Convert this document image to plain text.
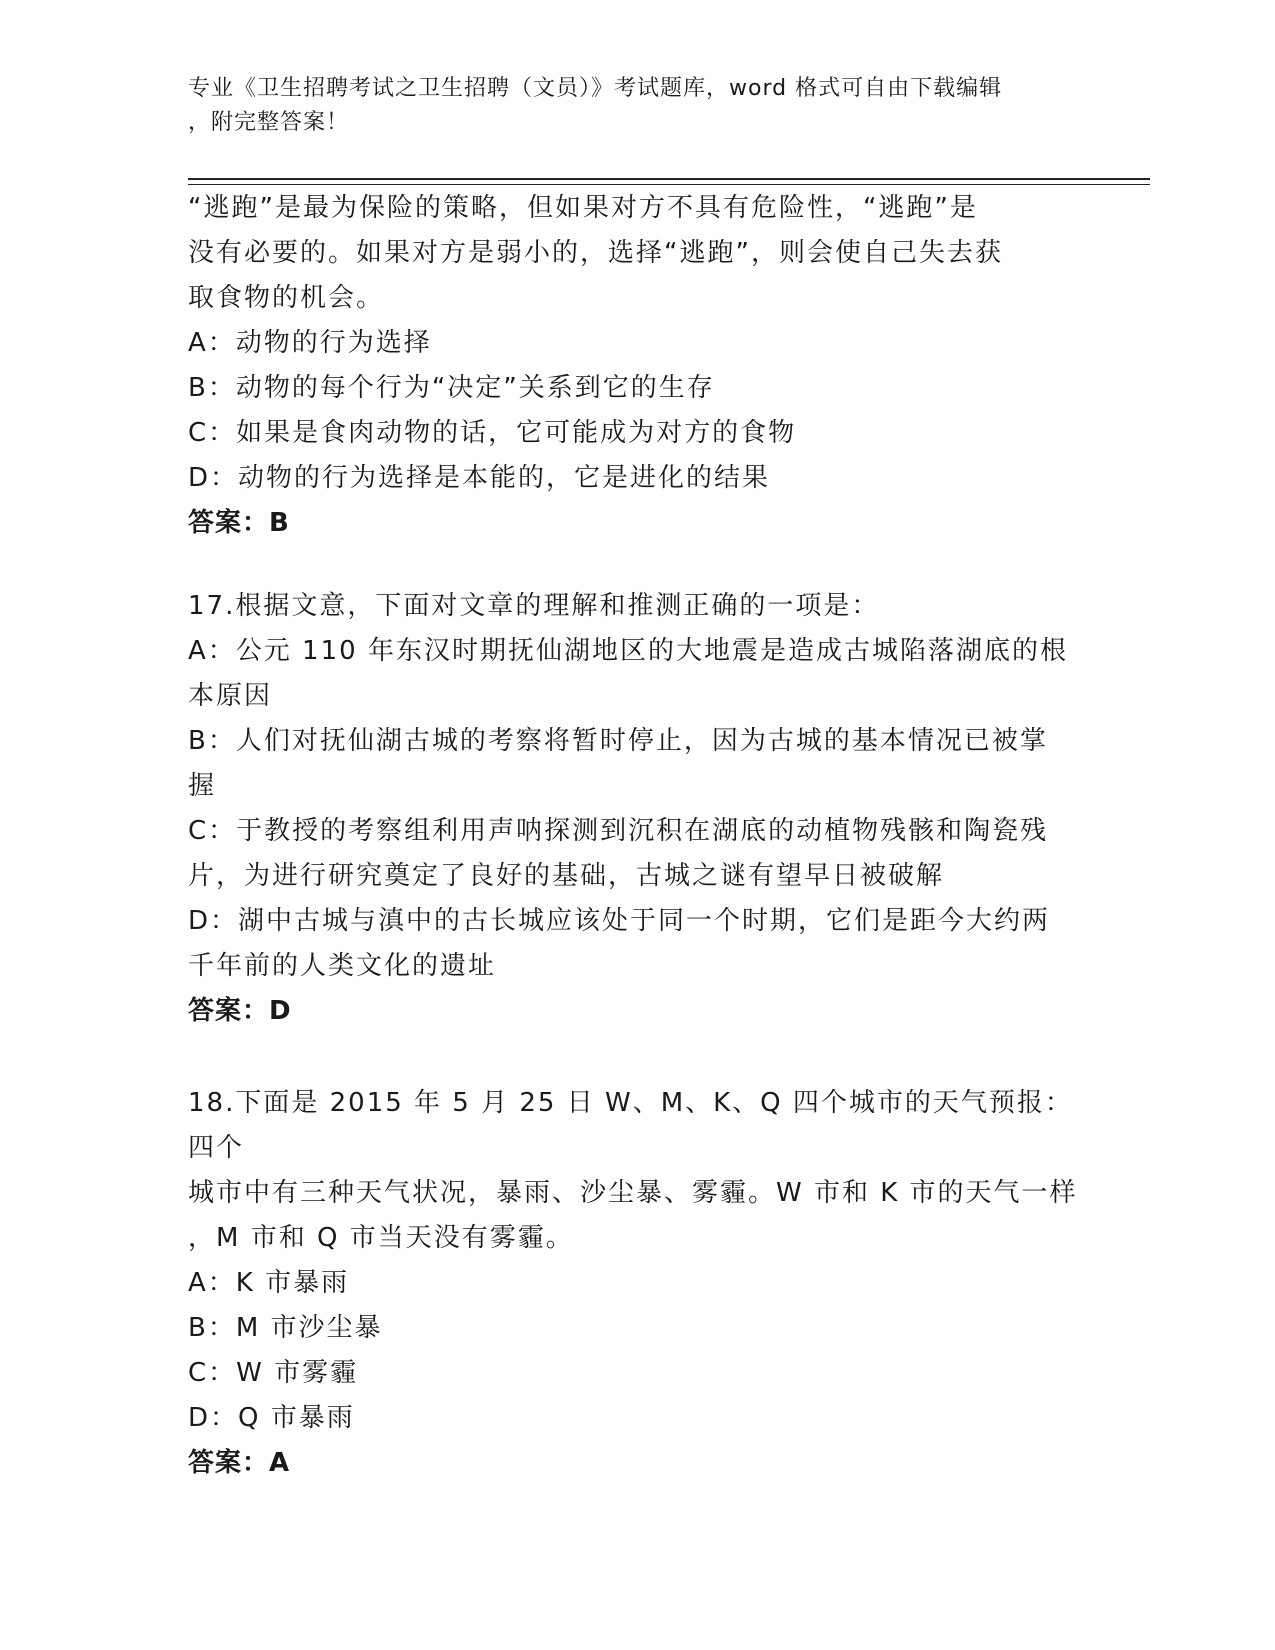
专业《卫生招聘考试之卫生招聘（文员）》考试题库，word 格式可自由下载编辑
，附完整答案！

“逃跑”是最为保险的策略，但如果对方不具有危险性，“逃跑”是

没有必要的。如果对方是弱小的，选择“逃跑”，则会使自己失去获

取食物的机会。

A：动物的行为选择

B：动物的每个行为“决定”关系到它的生存

C：如果是食肉动物的话，它可能成为对方的食物

D：动物的行为选择是本能的，它是进化的结果

答案：B

17.根据文意，下面对文章的理解和推测正确的一项是：

A：公元 110 年东汉时期抚仙湖地区的大地震是造成古城陷落湖底的根

本原因

B：人们对抚仙湖古城的考察将暂时停止，因为古城的基本情况已被掌

握

C：于教授的考察组利用声呐探测到沉积在湖底的动植物残骸和陶瓷残

片，为进行研究奠定了良好的基础，古城之谜有望早日被破解

D：湖中古城与滇中的古长城应该处于同一个时期，它们是距今大约两

千年前的人类文化的遗址

答案：D

18.下面是 2015 年 5 月 25 日 W、M、K、Q 四个城市的天气预报：四个

城市中有三种天气状况，暴雨、沙尘暴、雾霾。W 市和 K 市的天气一样

，M 市和 Q 市当天没有雾霾。

A：K 市暴雨

B：M 市沙尘暴

C：W 市雾霾

D：Q 市暴雨

答案：A
